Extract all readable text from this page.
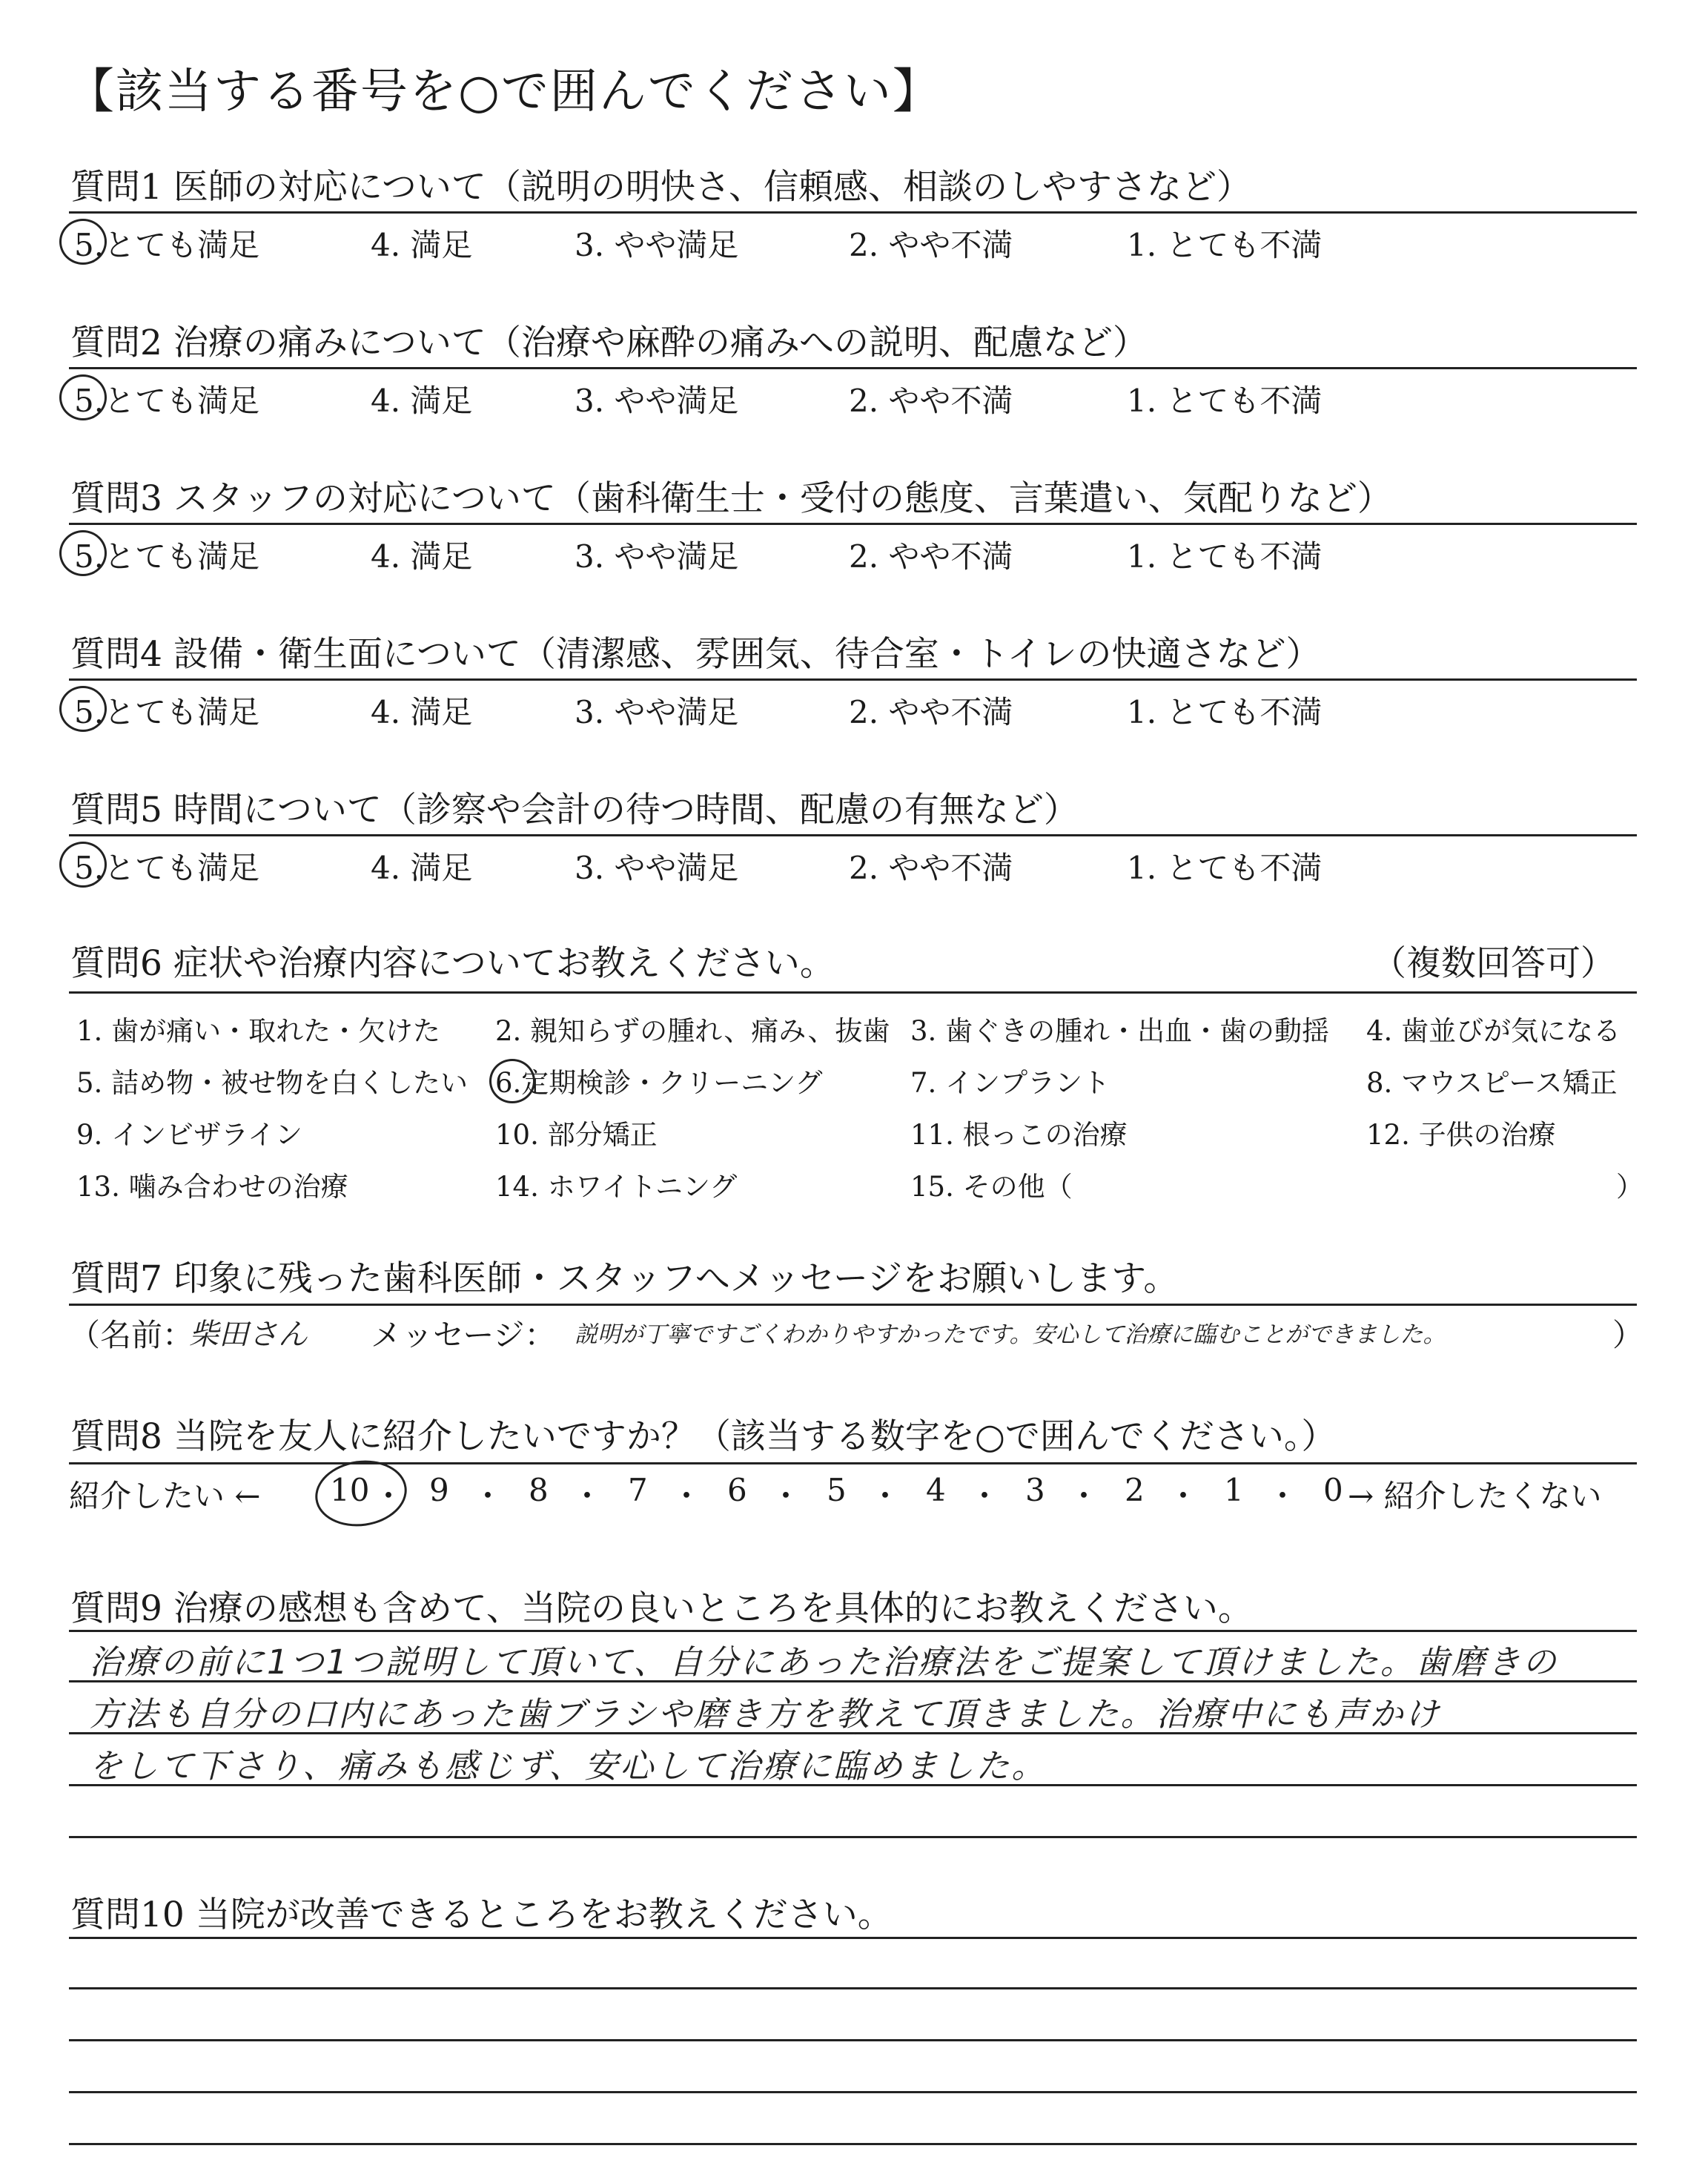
【該当する番号を○で囲んでください】
質問1 医師の対応について（説明の明快さ、信頼感、相談のしやすさなど）
5.とても満足	4. 満足	3. やや満足	2. やや不満	1. とても不満
質問2 治療の痛みについて（治療や麻酔の痛みへの説明、配慮など）
5.とても満足	4. 満足	3. やや満足	2. やや不満	1. とても不満
質問3 スタッフの対応について（歯科衛生士・受付の態度、言葉遣い、気配りなど）
5.とても満足	4. 満足	3. やや満足	2. やや不満	1. とても不満
質問4 設備・衛生面について（清潔感、雰囲気、待合室・トイレの快適さなど）
5.とても満足	4. 満足	3. やや満足	2. やや不満	1. とても不満
質問5 時間について（診察や会計の待つ時間、配慮の有無など）
5.とても満足	4. 満足	3. やや満足	2. やや不満	1. とても不満
質問6 症状や治療内容についてお教えください。	（複数回答可）
1. 歯が痛い・取れた・欠けた 2. 親知らずの腫れ、痛み、抜歯 3. 歯ぐきの腫れ・出血・歯の動揺 4. 歯並びが気になる
5. 詰め物・被せ物を白くしたい 6.定期検診・クリーニング	7. インプラント	8. マウスピース矯正
9. インビザライン	10. 部分矯正	11. 根っこの治療	12. 子供の治療
13. 噛み合わせの治療	14. ホワイトニング	15. その他（	）
質問7 印象に残った歯科医師・スタッフへメッセージをお願いします。
（名前：
柴田さん メッセージ： 説明が丁寧ですごくわかりやすかったです。安心して治療に臨むことができました。	）
質問8 当院を友人に紹介したいですか？（該当する数字を○で囲んでください。）
紹介したい ← 10 ・ 9 ・ 8 ・ 7 ・ 6 ・ 5 ・ 4 ・ 3 ・ 2 ・ 1 ・ 0 → 紹介したくない
質問9 治療の感想も含めて、当院の良いところを具体的にお教えください。
治療の前に1つ1つ説明して頂いて、自分にあった治療法をご提案して頂けました。歯磨きの
方法も自分の口内にあった歯ブラシや磨き方を教えて頂きました。治療中にも声かけ
をして下さり、痛みも感じず、安心して治療に臨めました。
質問10 当院が改善できるところをお教えください。
